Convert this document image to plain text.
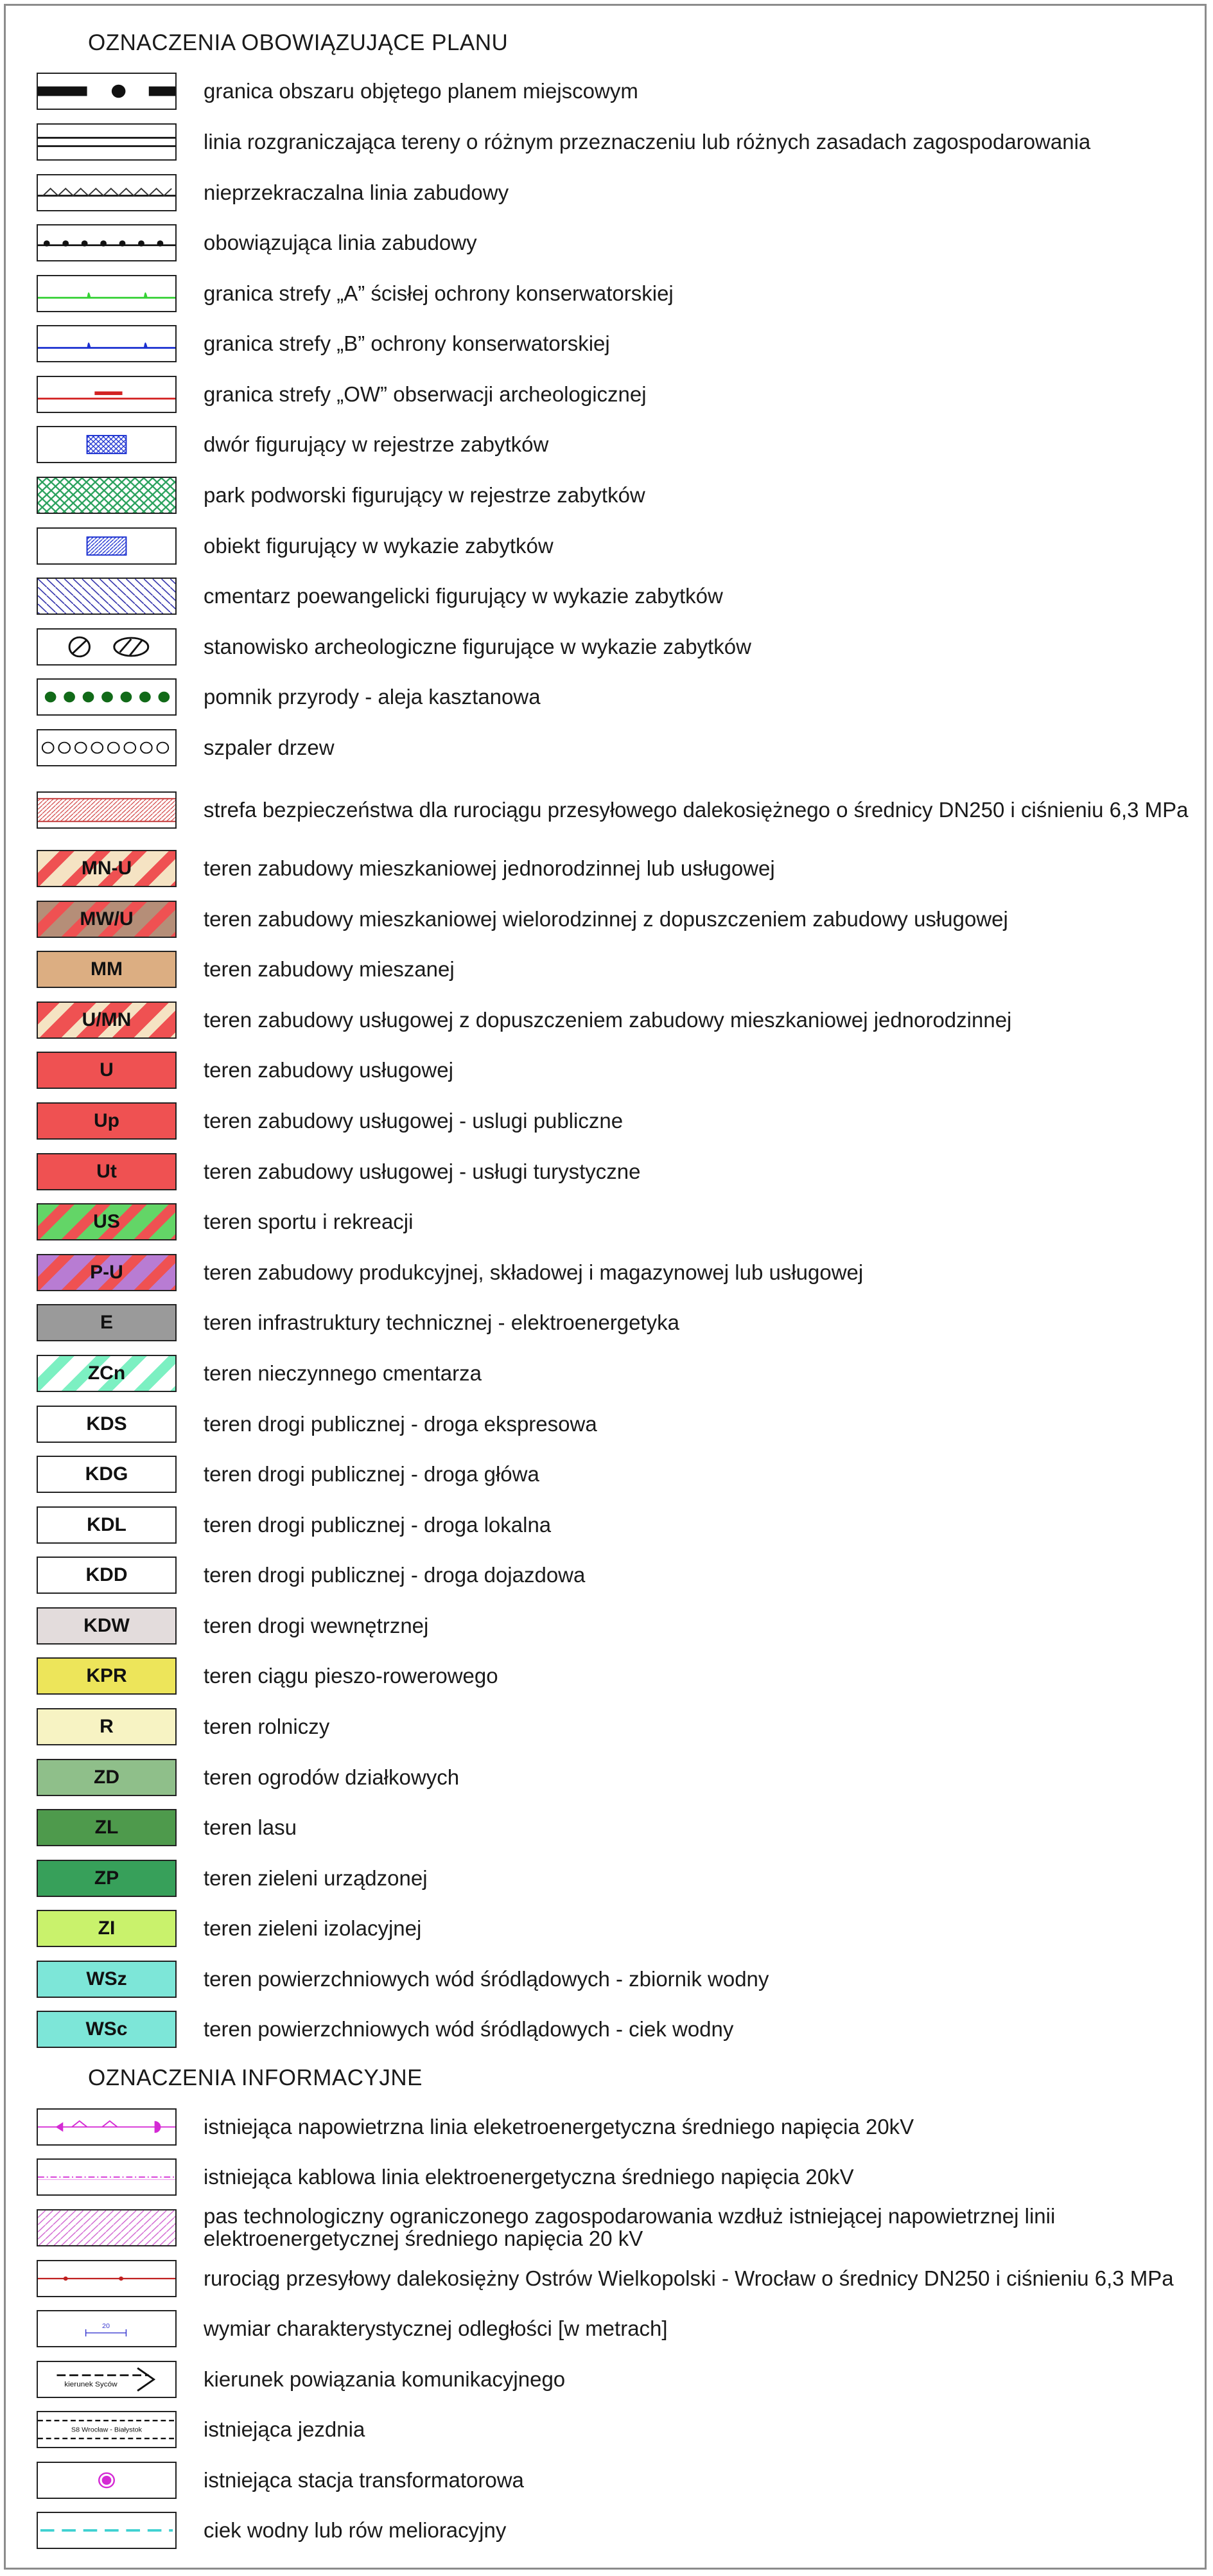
OZNACZENIA OBOWIĄZUJĄCE PLANU
granica obszaru objętego planem miejscowym
linia rozgraniczająca tereny o różnym przeznaczeniu lub różnych zasadach zagospodarowania
nieprzekraczalna linia zabudowy
obowiązująca linia zabudowy
granica strefy „A” ścisłej ochrony konserwatorskiej
granica strefy „B” ochrony konserwatorskiej
granica strefy „OW” obserwacji archeologicznej
dwór figurujący w rejestrze zabytków
park podworski figurujący w rejestrze zabytków
obiekt figurujący w wykazie zabytków
cmentarz poewangelicki figurujący w wykazie zabytków
stanowisko archeologiczne figurujące w wykazie zabytków
pomnik przyrody - aleja kasztanowa
szpaler drzew
strefa bezpieczeństwa dla rurociągu przesyłowego dalekosiężnego o średnicy DN250 i ciśnieniu 6,3 MPa
MN-U	teren zabudowy mieszkaniowej jednorodzinnej lub usługowej
MW/U	teren zabudowy mieszkaniowej wielorodzinnej z dopuszczeniem zabudowy usługowej
MM	teren zabudowy mieszanej
U/MN	teren zabudowy usługowej z dopuszczeniem zabudowy mieszkaniowej jednorodzinnej
U	teren zabudowy usługowej
Up	teren zabudowy usługowej - uslugi publiczne
Ut	teren zabudowy usługowej - usługi turystyczne
US	teren sportu i rekreacji
P-U	teren zabudowy produkcyjnej, składowej i magazynowej lub usługowej
E	teren infrastruktury technicznej - elektroenergetyka
ZCn	teren nieczynnego cmentarza
KDS	teren drogi publicznej - droga ekspresowa
KDG	teren drogi publicznej - droga główa
KDL	teren drogi publicznej - droga lokalna
KDD	teren drogi publicznej - droga dojazdowa
KDW	teren drogi wewnętrznej
KPR	teren ciągu pieszo-rowerowego
R	teren rolniczy
ZD	teren ogrodów działkowych
ZL	teren lasu
ZP	teren zieleni urządzonej
ZI	teren zieleni izolacyjnej
WSz	teren powierzchniowych wód śródlądowych - zbiornik wodny
WSc	teren powierzchniowych wód śródlądowych - ciek wodny
OZNACZENIA INFORMACYJNE
istniejąca napowietrzna linia eleketroenergetyczna średniego napięcia 20kV
istniejąca kablowa linia elektroenergetyczna średniego napięcia 20kV
pas technologiczny ograniczonego zagospodarowania wzdłuż istniejącej napowietrznej linii elektroenergetycznej średniego napięcia 20 kV
rurociąg przesyłowy dalekosiężny Ostrów Wielkopolski - Wrocław o średnicy DN250 i ciśnieniu 6,3 MPa
20	wymiar charakterystycznej odległości [w metrach]
kierunek Syców	kierunek powiązania komunikacyjnego
S8 Wrocław - Białystok	istniejąca jezdnia
istniejąca stacja transformatorowa
ciek wodny lub rów melioracyjny
